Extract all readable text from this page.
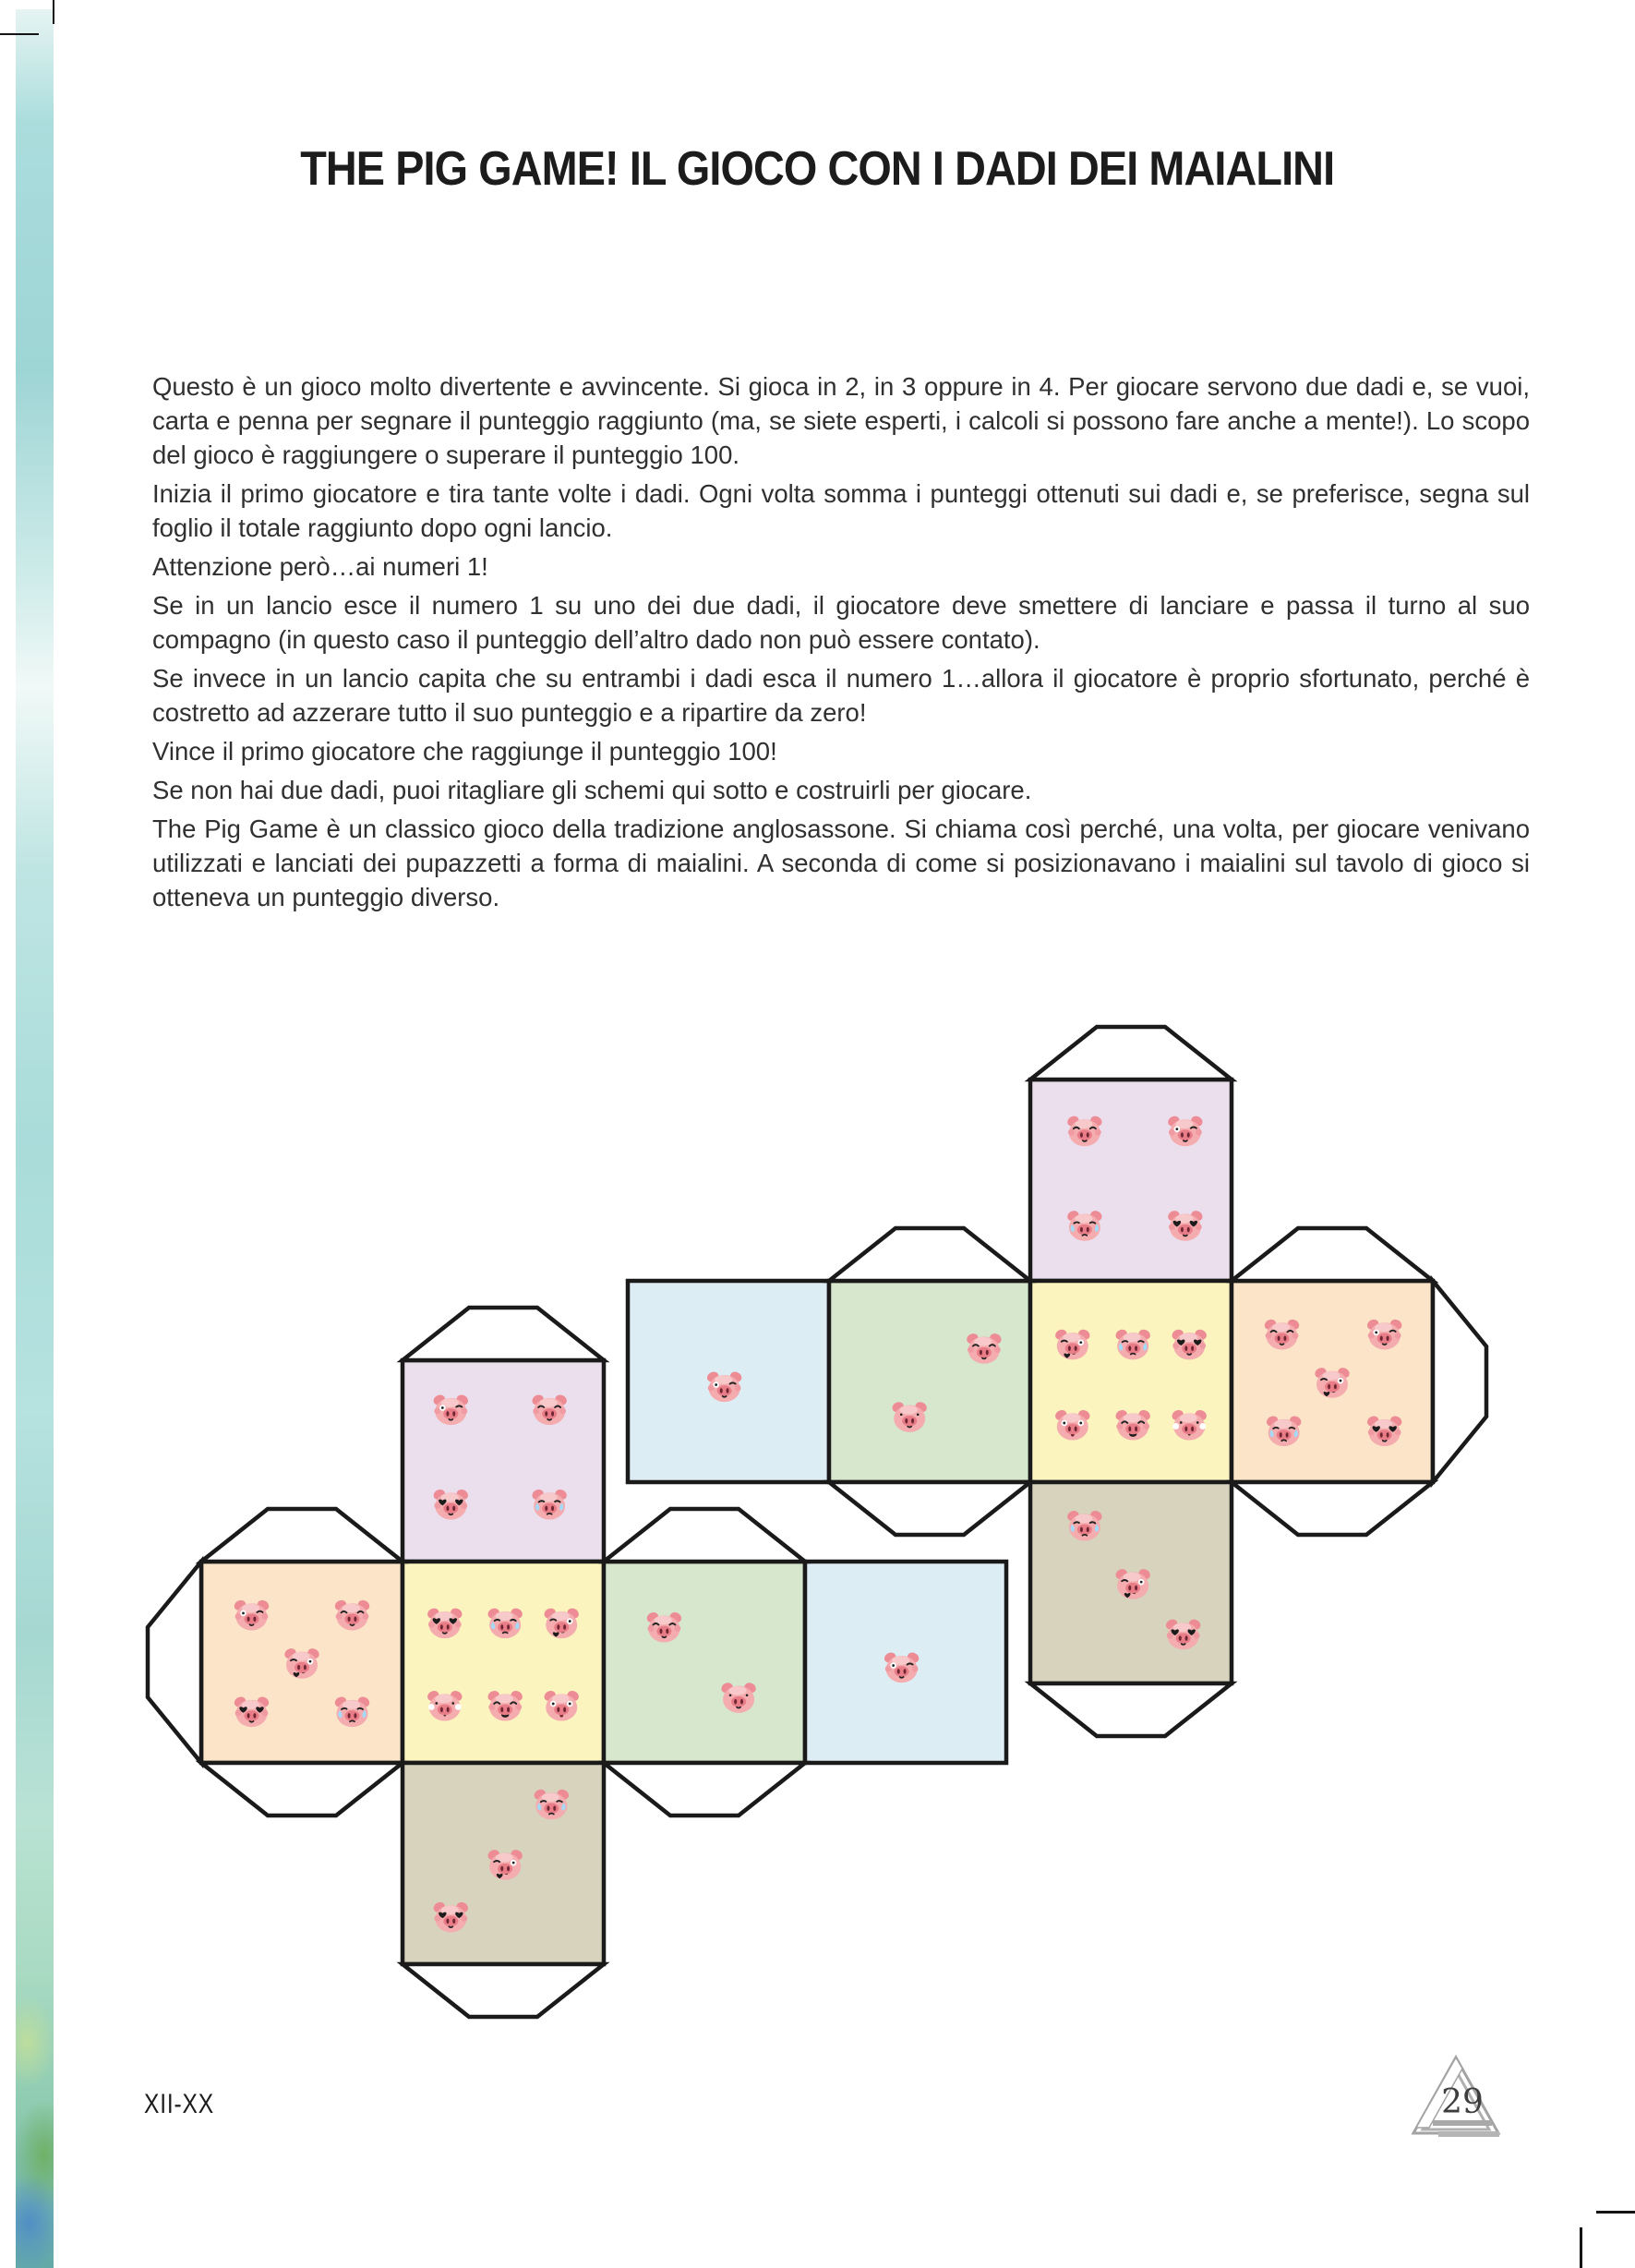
THE PIG GAME! IL GIOCO CON I DADI DEI MAIALINI

Questo è un gioco molto divertente e avvincente. Si gioca in 2, in 3 oppure in 4. Per giocare servono due dadi e, se vuoi, carta e penna per segnare il punteggio raggiunto (ma, se siete esperti, i calcoli si possono fare anche a mente!). Lo scopo del gioco è raggiungere o superare il punteggio 100.

Inizia il primo giocatore e tira tante volte i dadi. Ogni volta somma i punteggi ottenuti sui dadi e, se preferisce, segna sul foglio il totale raggiunto dopo ogni lancio.

Attenzione però…ai numeri 1!

Se in un lancio esce il numero 1 su uno dei due dadi, il giocatore deve smettere di lanciare e passa il turno al suo compagno (in questo caso il punteggio dell’altro dado non può essere contato).

Se invece in un lancio capita che su entrambi i dadi esca il numero 1…allora il giocatore è proprio sfortunato, perché è costretto ad azzerare tutto il suo punteggio e a ripartire da zero!

Vince il primo giocatore che raggiunge il punteggio 100!

Se non hai due dadi, puoi ritagliare gli schemi qui sotto e costruirli per giocare.

The Pig Game è un classico gioco della tradizione anglosassone. Si chiama così perché, una volta, per giocare venivano utilizzati e lanciati dei pupazzetti a forma di maialini. A seconda di come si posizionavano i maialini sul tavolo di gioco si otteneva un punteggio diverso.

XII-XX	29
